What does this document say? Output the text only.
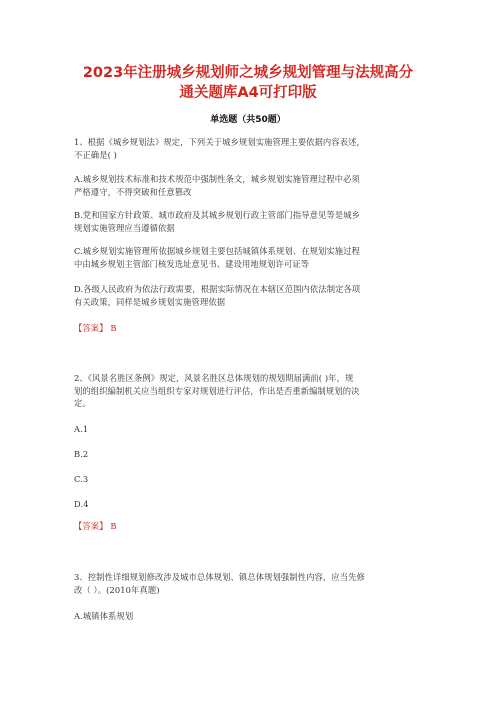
2023年注册城乡规划师之城乡规划管理与法规高分
通关题库A4可打印版
单选题（共50题）
1、根据《城乡规划法》规定，下列关于城乡规划实施管理主要依据内容表述，
不正确是( )
A.城乡规划技术标准和技术规范中强制性条文，城乡规划实施管理过程中必须
严格遵守，不得突破和任意篡改
B.党和国家方针政策、城市政府及其城乡规划行政主管部门指导意见等是城乡
规划实施管理应当遵循依据
C.城乡规划实施管理所依据城乡规划主要包括城镇体系规划、在规划实施过程
中由城乡规划主管部门核发选址意见书、建设用地规划许可证等
【答案】 B
D.各级人民政府为依法行政需要，根据实际情况在本辖区范围内依法制定各项
有关政策，同样是城乡规划实施管理依据
2、《风景名胜区条例》规定，风景名胜区总体规划的规划期届满前( )年，规
划的组织编制机关应当组织专家对规划进行评估，作出是否重新编制规划的决
定。
A.1
B.2
C.3
D.4
【答案】 B
3、控制性详细规划修改涉及城市总体规划、镇总体规划强制性内容，应当先修
改（ ）。(2010年真题)
A.城镇体系规划
